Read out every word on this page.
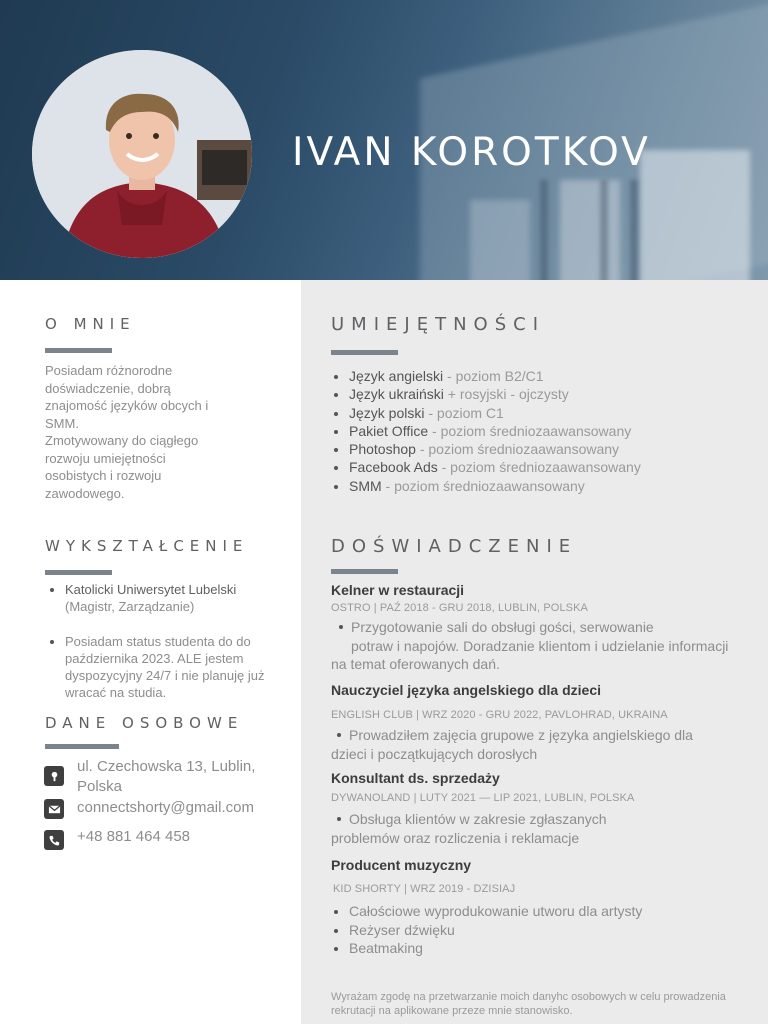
IVAN KOROTKOV
O MNIE

Posiadam różnorodne

doświadczenie, dobrą

znajomość języków obcych i

SMM.

Zmotywowany do ciągłego

rozwoju umiejętności

osobistych i rozwoju

zawodowego.

WYKSZTAŁCENIE
Katolicki Uniwersytet Lubelski
(Magistr, Zarządzanie)
Posiadam status studenta do do października 2023. ALE jestem dyspozycyjny 24/7 i nie planuję już wracać na studia.
DANE OSOBOWE
ul. Czechowska 13, Lublin, Polska
connectshorty@gmail.com
+48 881 464 458
UMIEJĘTNOŚCI
Język angielski - poziom B2/C1
Język ukraiński + rosyjski - ojczysty
Język polski - poziom C1
Pakiet Office - poziom średniozaawansowany
Photoshop - poziom średniozaawansowany
Facebook Ads - poziom średniozaawansowany
SMM - poziom średniozaawansowany
DOŚWIADCZENIE
Kelner w restauracji
OSTRO | PAŹ 2018 - GRU 2018, LUBLIN, POLSKA
Przygotowanie sali do obsługi gości, serwowanie
potraw i napojów. Doradzanie klientom i udzielanie informacji na temat oferowanych dań.
Nauczyciel języka angelskiego dla dzieci
ENGLISH CLUB | WRZ 2020 - GRU 2022, PAVLOHRAD, UKRAINA
Prowadziłem zajęcia grupowe z języka angielskiego dla dzieci i początkujących dorosłych
Konsultant ds. sprzedaży
DYWANOLAND | LUTY 2021 — LIP 2021, LUBLIN, POLSKA
Obsługa klientów w zakresie zgłaszanych problemów oraz rozliczenia i reklamacje
Producent muzyczny
KID SHORTY | WRZ 2019 - DZISIAJ
Całościowe wyprodukowanie utworu dla artysty
Reżyser dźwięku
Beatmaking
Wyrażam zgodę na przetwarzanie moich danyhc osobowych w celu prowadzenia rekrutacji na aplikowane przeze mnie stanowisko.
